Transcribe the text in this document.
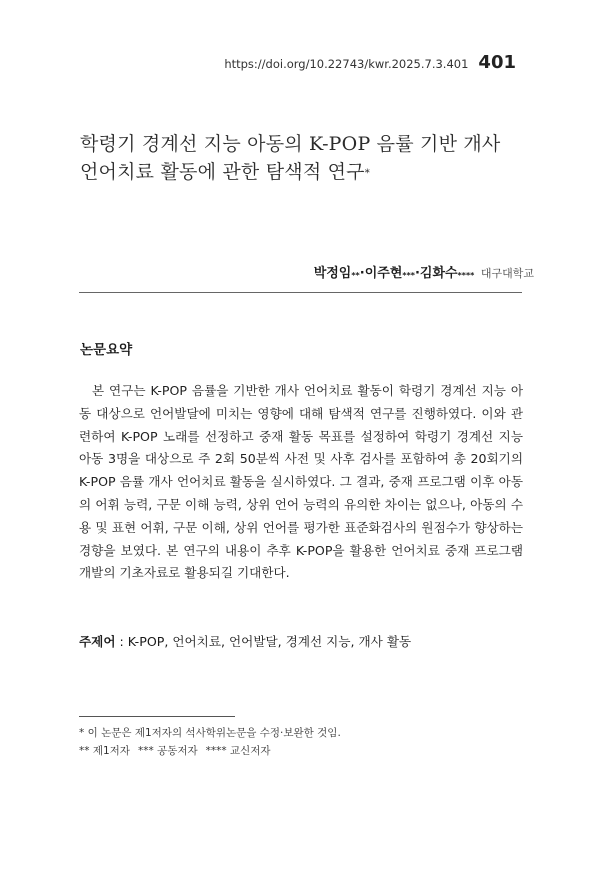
https://doi.org/10.22743/kwr.2025.7.3.401 401
학령기 경계선 지능 아동의 K-POP 음률 기반 개사
언어치료 활동에 관한 탐색적 연구*
박정임**·이주현***·김화수**** 대구대학교
논문요약

본 연구는 K-POP 음률을 기반한 개사 언어치료 활동이 학령기 경계선 지능 아동 대상으로 언어발달에 미치는 영향에 대해 탐색적 연구를 진행하였다. 이와 관련하여 K-POP 노래를 선정하고 중재 활동 목표를 설정하여 학령기 경계선 지능 아동 3명을 대상으로 주 2회 50분씩 사전 및 사후 검사를 포함하여 총 20회기의 K-POP 음률 개사 언어치료 활동을 실시하였다. 그 결과, 중재 프로그램 이후 아동의 어휘 능력, 구문 이해 능력, 상위 언어 능력의 유의한 차이는 없으나, 아동의 수용 및 표현 어휘, 구문 이해, 상위 언어를 평가한 표준화검사의 원점수가 향상하는 경향을 보였다. 본 연구의 내용이 추후 K-POP을 활용한 언어치료 중재 프로그램 개발의 기초자료로 활용되길 기대한다.

주제어 : K-POP, 언어치료, 언어발달, 경계선 지능, 개사 활동
* 이 논문은 제1저자의 석사학위논문을 수정·보완한 것임.
** 제1저자 *** 공동저자 **** 교신저자
